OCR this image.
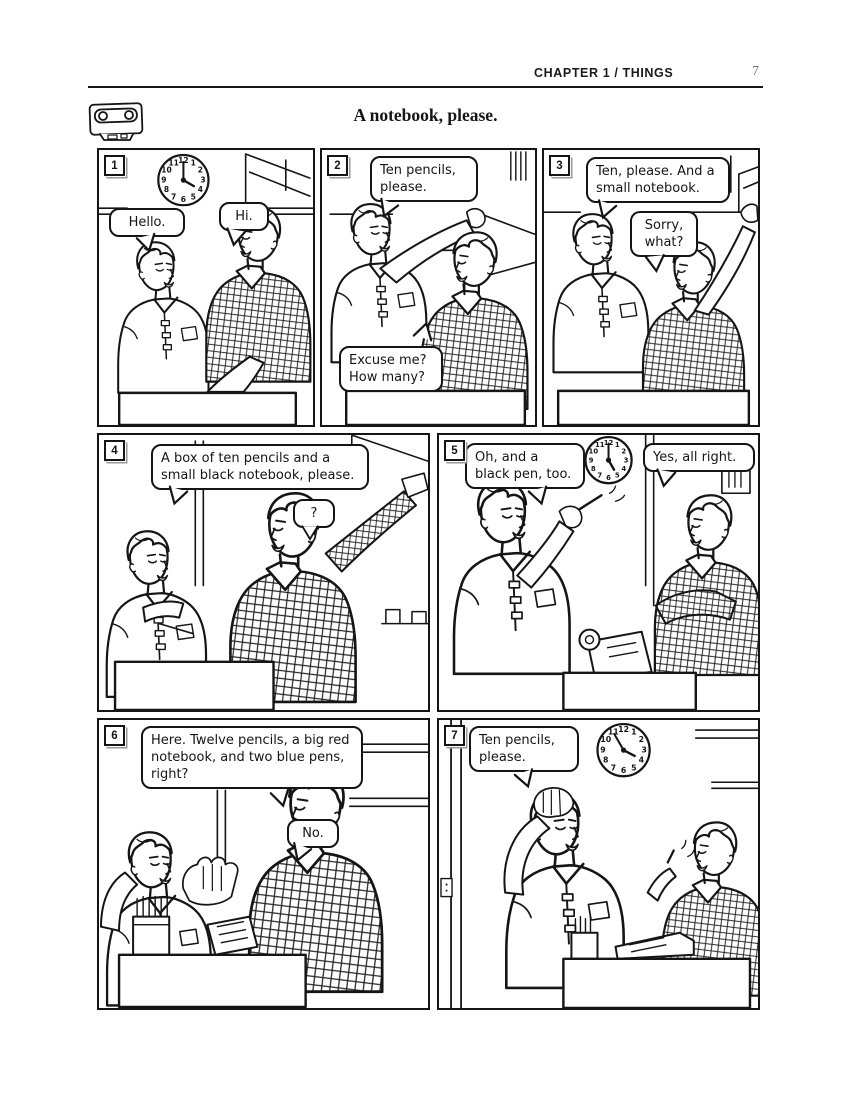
CHAPTER 1 / THINGS	7
A notebook, please.
12 1
2
3
4
5
6
7
8
9
10
11
1
Hello.	Hi.
2	Ten pencils, please.
Excuse me? How many?
3	Ten, please. And a small notebook.
Sorry, what?
4
A box of ten pencils and a small black notebook, please.
?
12 1
2
3
4
5
6
7
8
9
10
11
5	Oh, and a black pen, too.
Yes, all right.
6	Here. Twelve pencils, a big red notebook, and two blue pens, right?
No.
12 1
2
3
4
5
6
7
8
9
10
11
7	Ten pencils, please.
